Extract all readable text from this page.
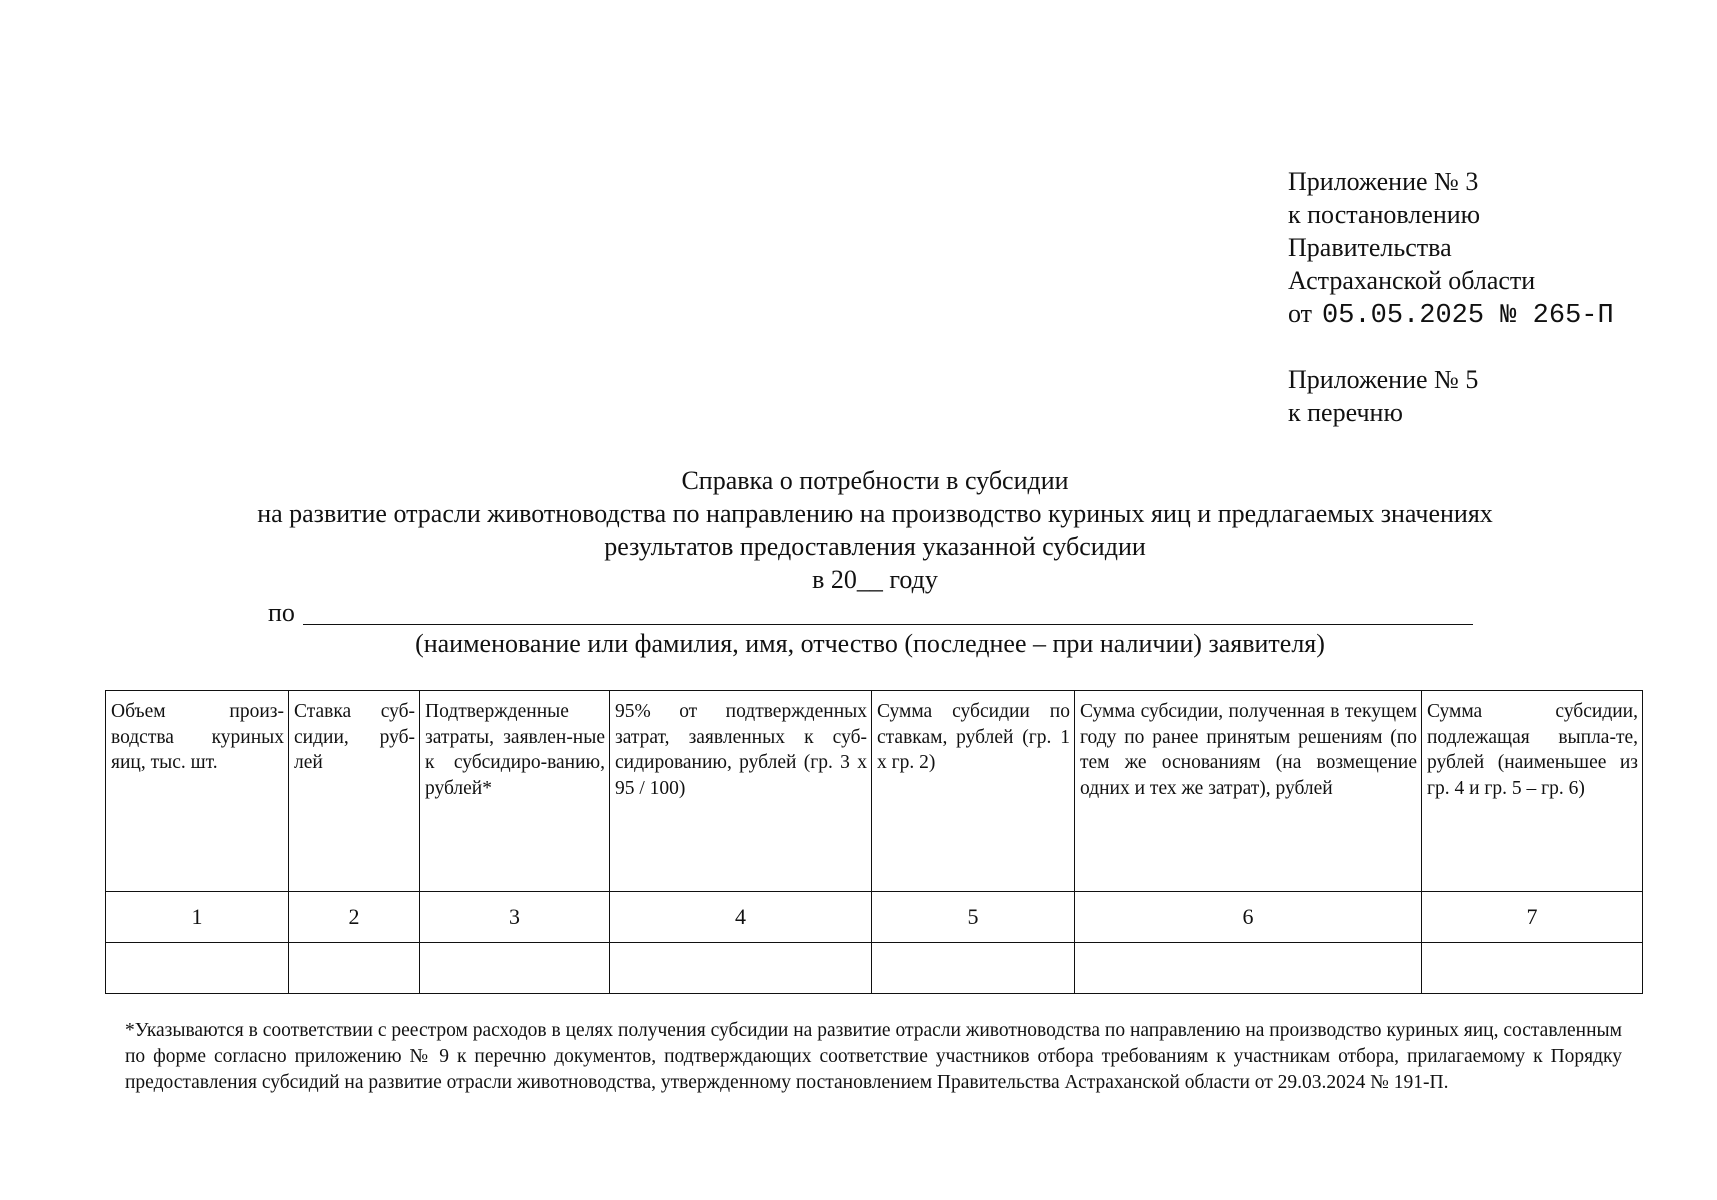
Приложение № 3
к постановлению
Правительства
Астраханской области
от 05.05.2025 № 265-П
Приложение № 5
к перечню
Справка о потребности в субсидии
на развитие отрасли животноводства по направлению на производство куриных яиц и предлагаемых значениях
результатов предоставления указанной субсидии
в 20__ году
по
(наименование или фамилия, имя, отчество (последнее – при наличии) заявителя)
Объем произ-водства куриных яиц, тыс. шт.	Ставка суб-сидии, руб-лей	Подтвержденные затраты, заявлен-ные к субсидиро-ванию, рублей*	95% от подтвержденных затрат, заявленных к суб-сидированию, рублей (гр. 3 х 95 / 100)	Сумма субсидии по ставкам, рублей (гр. 1 х гр. 2)	Сумма субсидии, полученная в текущем году по ранее принятым решениям (по тем же основаниям (на возмещение одних и тех же затрат), рублей	Сумма субсидии, подлежащая выпла-те, рублей (наименьшее из гр. 4 и гр. 5 – гр. 6)

1	2	3	4	5	6	7

*Указываются в соответствии с реестром расходов в целях получения субсидии на развитие отрасли животноводства по направлению на производство куриных яиц, составленным по форме согласно приложению № 9 к перечню документов, подтверждающих соответствие участников отбора требованиям к участникам отбора, прилагаемому к Порядку предоставления субсидий на развитие отрасли животноводства, утвержденному постановлением Правительства Астраханской области от 29.03.2024 № 191-П.
